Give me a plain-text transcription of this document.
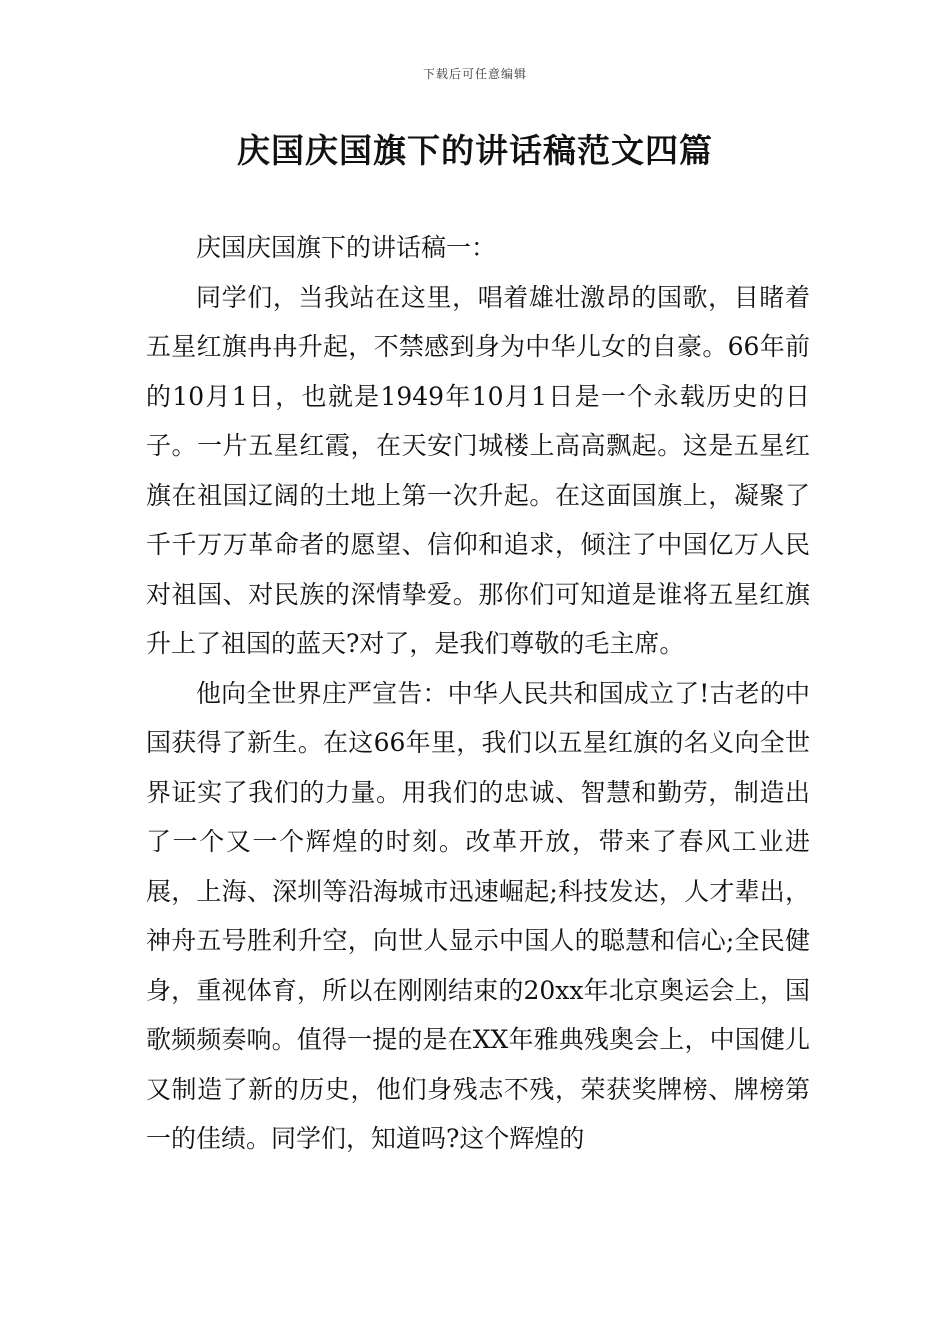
下载后可任意编辑
庆国庆国旗下的讲话稿范文四篇

庆国庆国旗下的讲话稿一：

同学们，当我站在这里，唱着雄壮激昂的国歌，目睹着五星红旗冉冉升起，不禁感到身为中华儿女的自豪。66年前的10月1日，也就是1949年10月1日是一个永载历史的日子。一片五星红霞，在天安门城楼上高高飘起。这是五星红旗在祖国辽阔的土地上第一次升起。在这面国旗上，凝聚了千千万万革命者的愿望、信仰和追求，倾注了中国亿万人民对祖国、对民族的深情挚爱。那你们可知道是谁将五星红旗升上了祖国的蓝天?对了，是我们尊敬的毛主席。

他向全世界庄严宣告：中华人民共和国成立了!古老的中国获得了新生。在这66年里，我们以五星红旗的名义向全世界证实了我们的力量。用我们的忠诚、智慧和勤劳，制造出了一个又一个辉煌的时刻。改革开放，带来了春风工业进展，上海、深圳等沿海城市迅速崛起;科技发达，人才辈出，神舟五号胜利升空，向世人显示中国人的聪慧和信心;全民健身，重视体育，所以在刚刚结束的20xx年北京奥运会上，国歌频频奏响。值得一提的是在XX年雅典残奥会上，中国健儿又制造了新的历史，他们身残志不残，荣获奖牌榜、牌榜第一的佳绩。同学们，知道吗?这个辉煌的
